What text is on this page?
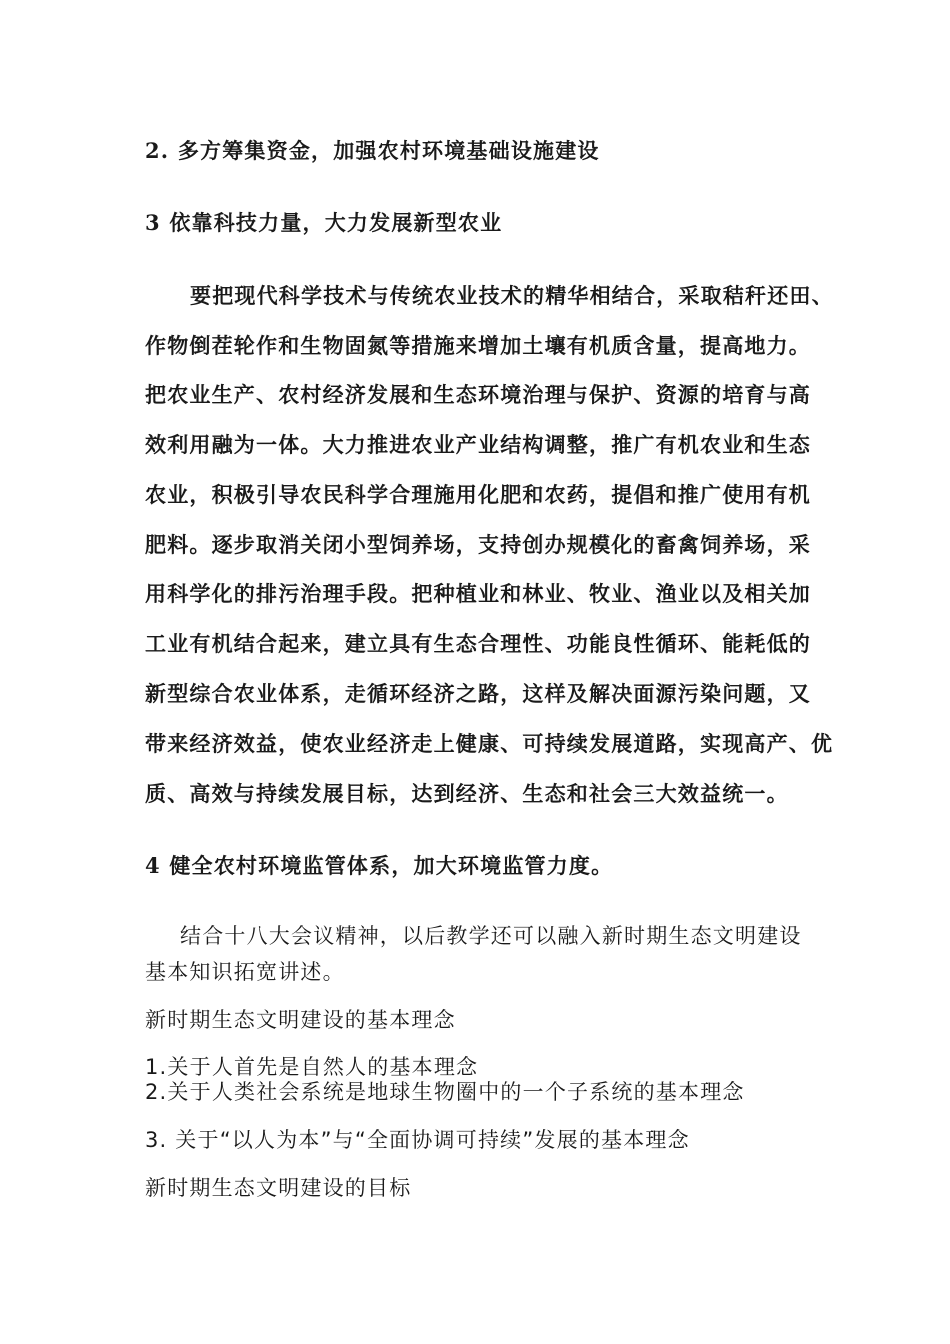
2. 多方筹集资金，加强农村环境基础设施建设
3 依靠科技力量，大力发展新型农业
要把现代科学技术与传统农业技术的精华相结合，采取秸秆还田、
作物倒茬轮作和生物固氮等措施来增加土壤有机质含量，提高地力。
把农业生产、农村经济发展和生态环境治理与保护、资源的培育与高
效利用融为一体。大力推进农业产业结构调整，推广有机农业和生态
农业，积极引导农民科学合理施用化肥和农药，提倡和推广使用有机
肥料。逐步取消关闭小型饲养场，支持创办规模化的畜禽饲养场，采
用科学化的排污治理手段。把种植业和林业、牧业、渔业以及相关加
工业有机结合起来，建立具有生态合理性、功能良性循环、能耗低的
新型综合农业体系，走循环经济之路，这样及解决面源污染问题，又
带来经济效益，使农业经济走上健康、可持续发展道路，实现高产、优
质、高效与持续发展目标，达到经济、生态和社会三大效益统一。
4 健全农村环境监管体系，加大环境监管力度。
结合十八大会议精神，以后教学还可以融入新时期生态文明建设
基本知识拓宽讲述。
新时期生态文明建设的基本理念
1.关于人首先是自然人的基本理念
2.关于人类社会系统是地球生物圈中的一个子系统的基本理念
3. 关于“以人为本”与“全面协调可持续”发展的基本理念
新时期生态文明建设的目标
